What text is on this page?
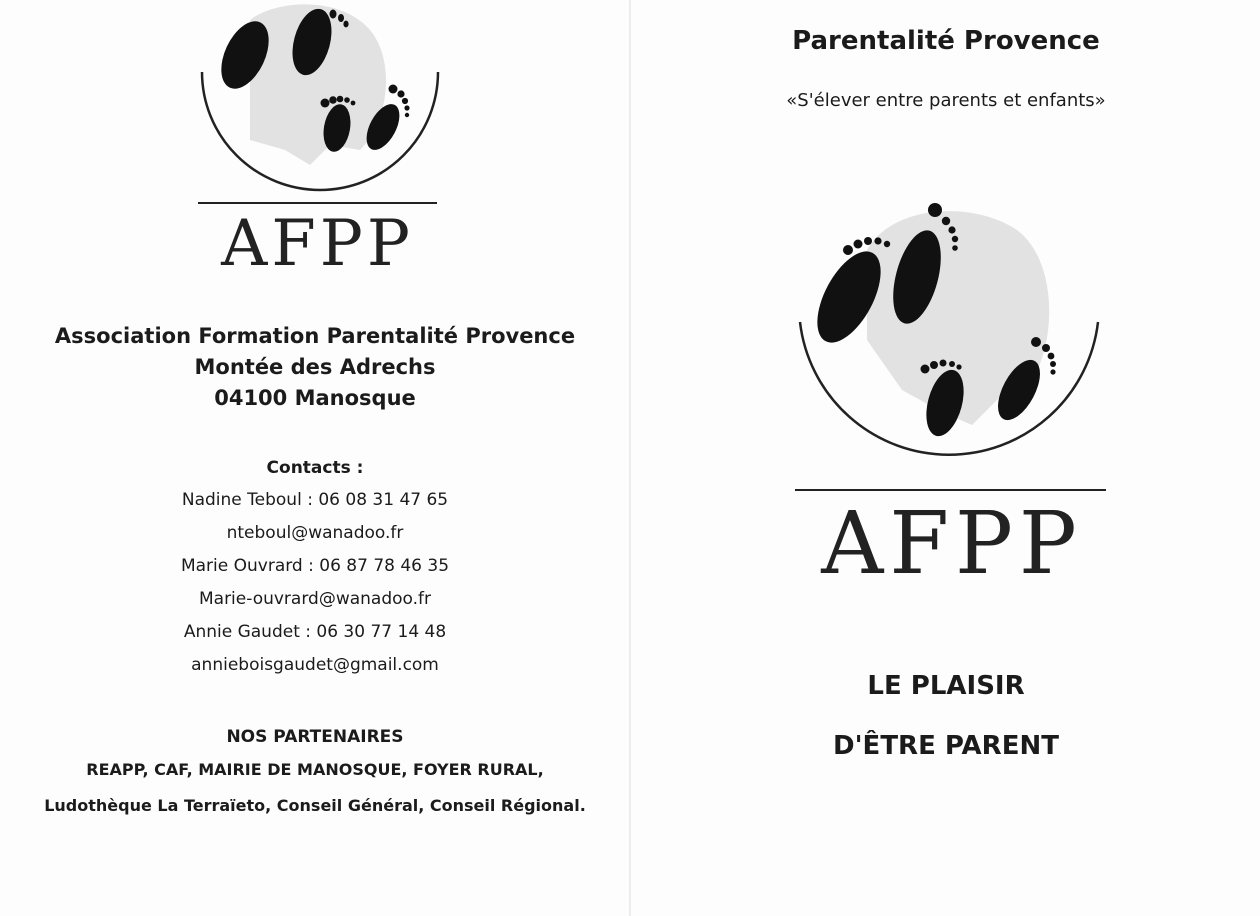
AFPP
Association Formation Parentalité Provence
Montée des Adrechs
04100 Manosque
Contacts :
Nadine Teboul : 06 08 31 47 65
nteboul@wanadoo.fr
Marie Ouvrard : 06 87 78 46 35
Marie-ouvrard@wanadoo.fr
Annie Gaudet : 06 30 77 14 48
annieboisgaudet@gmail.com
NOS PARTENAIRES
REAPP, CAF, MAIRIE DE MANOSQUE, FOYER RURAL,
Ludothèque La Terraïeto, Conseil Général, Conseil Régional.
Parentalité Provence
«S'élever entre parents et enfants»
AFPP
LE PLAISIR
D'ÊTRE PARENT
